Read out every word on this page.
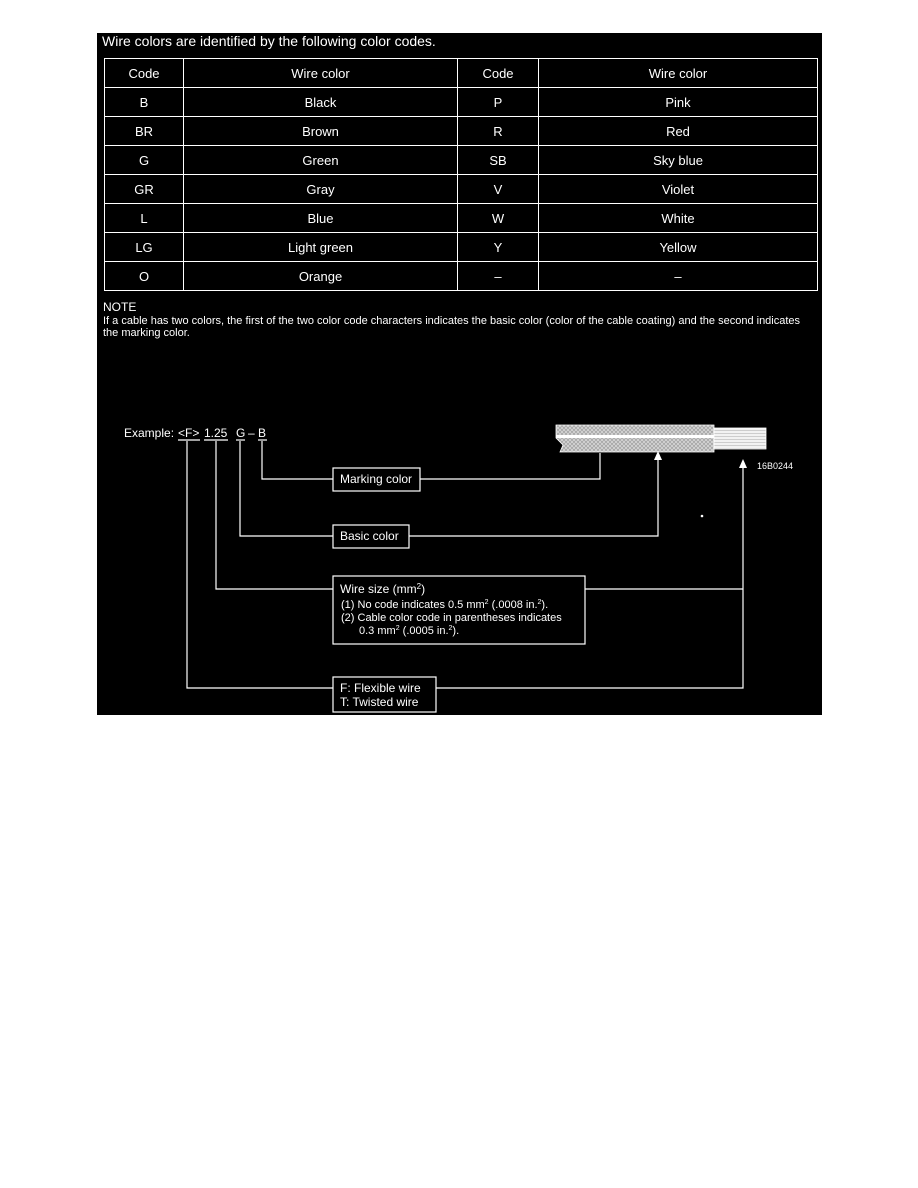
Wire colors are identified by the following color codes.
Code	Wire color	Code	Wire color
B	Black	P	Pink
BR	Brown	R	Red
G	Green	SB	Sky blue
GR	Gray	V	Violet
L	Blue	W	White
LG	Light green	Y	Yellow
O	Orange	–	–
NOTE
If a cable has two colors, the first of the two color code characters indicates the basic color (color of the cable coating) and the second indicates the marking color.
Example: <F> 1.25 G – B
16B0244
Marking color
Basic color
Wire size $(mm^2)$
(1) No code indicates 0.5 $mm^2$ (.0008 in.$^2$).
(2) Cable color code in parentheses indicates
0.3 $mm^2$ (.0005 in.$^2$).
F: Flexible wire
T: Twisted wire
